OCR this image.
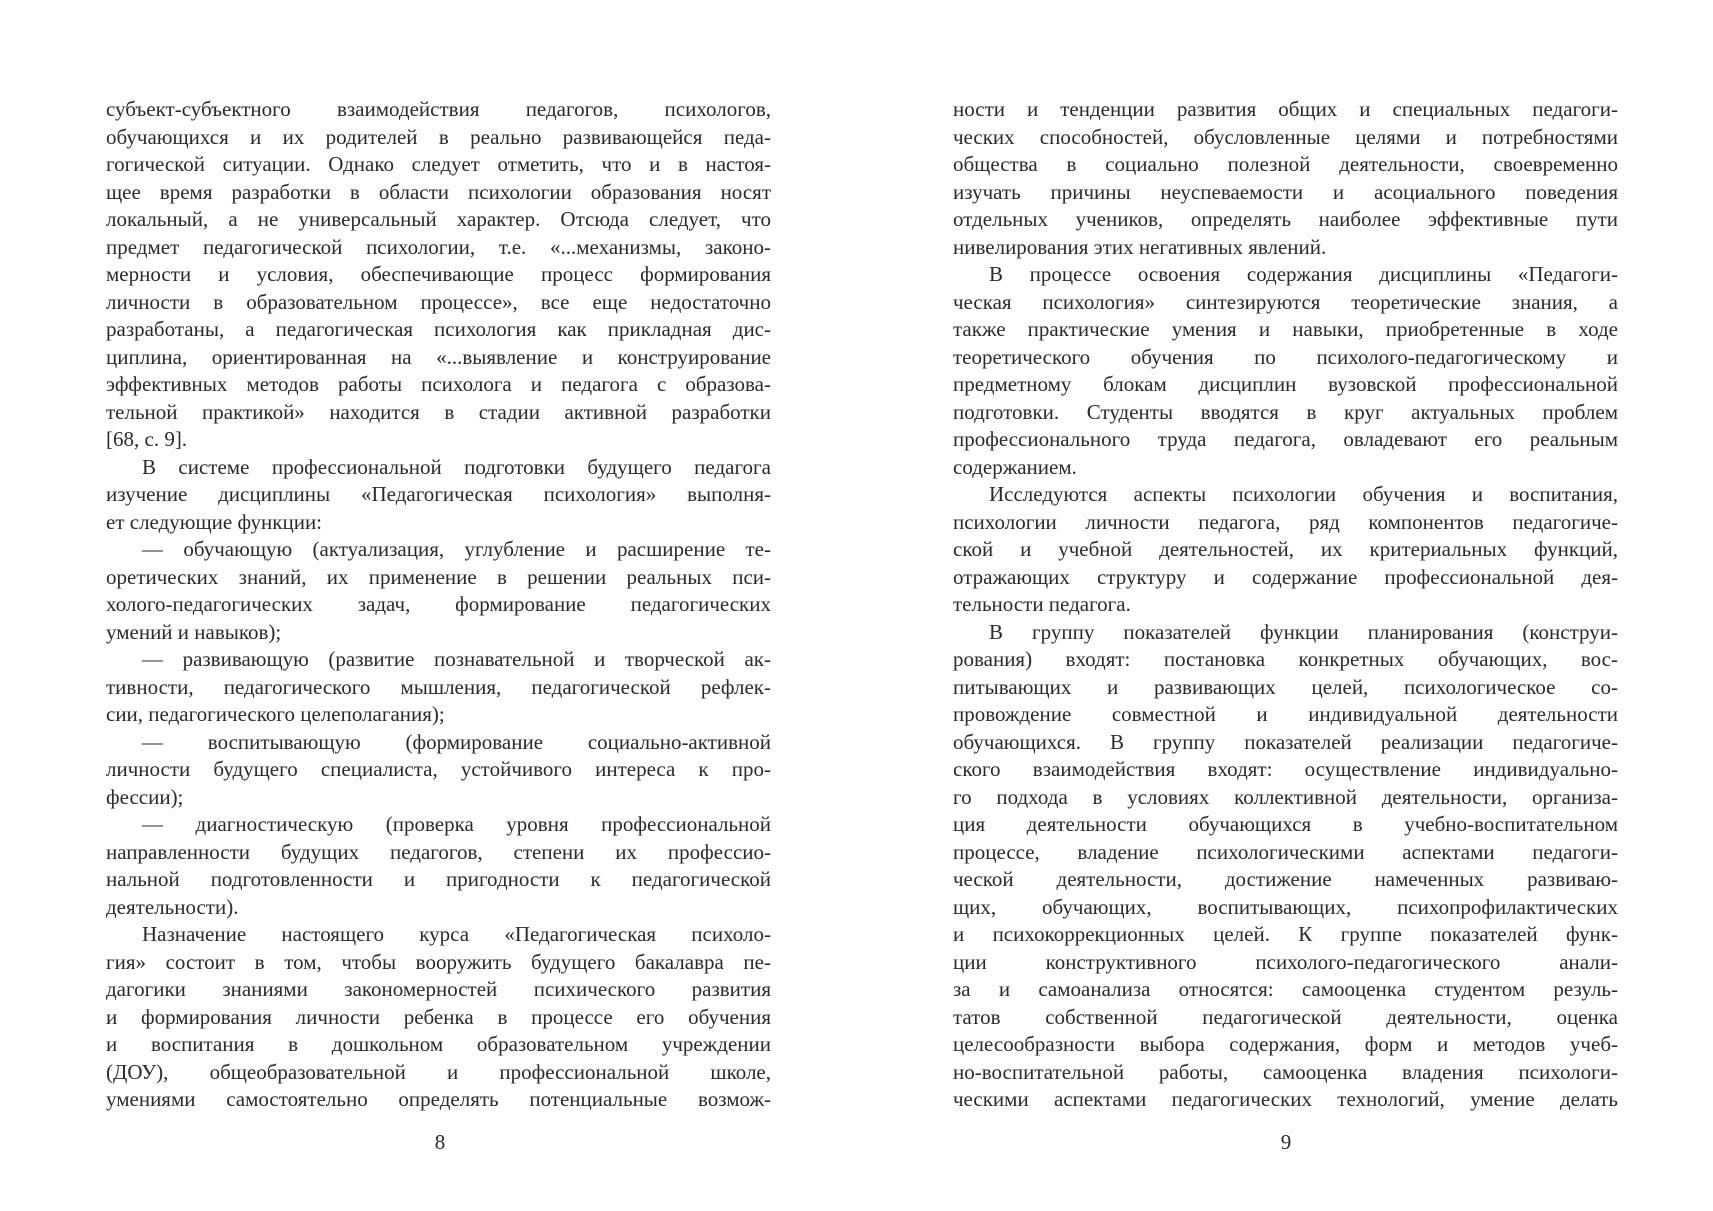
субъект-субъектного взаимодействия педагогов, психологов,
обучающихся и их родителей в реально развивающейся педа-
гогической ситуации. Однако следует отметить, что и в настоя-
щее время разработки в области психологии образования носят
локальный, а не универсальный характер. Отсюда следует, что
предмет педагогической психологии, т.е. «...механизмы, законо-
мерности и условия, обеспечивающие процесс формирования
личности в образовательном процессе», все еще недостаточно
разработаны, а педагогическая психология как прикладная дис-
циплина, ориентированная на «...выявление и конструирование
эффективных методов работы психолога и педагога с образова-
тельной практикой» находится в стадии активной разработки
[68, с. 9].
В системе профессиональной подготовки будущего педагога
изучение дисциплины «Педагогическая психология» выполня-
ет следующие функции:
— обучающую (актуализация, углубление и расширение те-
оретических знаний, их применение в решении реальных пси-
холого-педагогических задач, формирование педагогических
умений и навыков);
— развивающую (развитие познавательной и творческой ак-
тивности, педагогического мышления, педагогической рефлек-
сии, педагогического целеполагания);
— воспитывающую (формирование социально-активной
личности будущего специалиста, устойчивого интереса к про-
фессии);
— диагностическую (проверка уровня профессиональной
направленности будущих педагогов, степени их профессио-
нальной подготовленности и пригодности к педагогической
деятельности).
Назначение настоящего курса «Педагогическая психоло-
гия» состоит в том, чтобы вооружить будущего бакалавра пе-
дагогики знаниями закономерностей психического развития
и формирования личности ребенка в процессе его обучения
и воспитания в дошкольном образовательном учреждении
(ДОУ), общеобразовательной и профессиональной школе,
умениями самостоятельно определять потенциальные возмож-
8
ности и тенденции развития общих и специальных педагоги-
ческих способностей, обусловленные целями и потребностями
общества в социально полезной деятельности, своевременно
изучать причины неуспеваемости и асоциального поведения
отдельных учеников, определять наиболее эффективные пути
нивелирования этих негативных явлений.
В процессе освоения содержания дисциплины «Педагоги-
ческая психология» синтезируются теоретические знания, а
также практические умения и навыки, приобретенные в ходе
теоретического обучения по психолого-педагогическому и
предметному блокам дисциплин вузовской профессиональной
подготовки. Студенты вводятся в круг актуальных проблем
профессионального труда педагога, овладевают его реальным
содержанием.
Исследуются аспекты психологии обучения и воспитания,
психологии личности педагога, ряд компонентов педагогиче-
ской и учебной деятельностей, их критериальных функций,
отражающих структуру и содержание профессиональной дея-
тельности педагога.
В группу показателей функции планирования (конструи-
рования) входят: постановка конкретных обучающих, вос-
питывающих и развивающих целей, психологическое со-
провождение совместной и индивидуальной деятельности
обучающихся. В группу показателей реализации педагогиче-
ского взаимодействия входят: осуществление индивидуально-
го подхода в условиях коллективной деятельности, организа-
ция деятельности обучающихся в учебно-воспитательном
процессе, владение психологическими аспектами педагоги-
ческой деятельности, достижение намеченных развиваю-
щих, обучающих, воспитывающих, психопрофилактических
и психокоррекционных целей. К группе показателей функ-
ции конструктивного психолого-педагогического анали-
за и самоанализа относятся: самооценка студентом резуль-
татов собственной педагогической деятельности, оценка
целесообразности выбора содержания, форм и методов учеб-
но-воспитательной работы, самооценка владения психологи-
ческими аспектами педагогических технологий, умение делать
9
